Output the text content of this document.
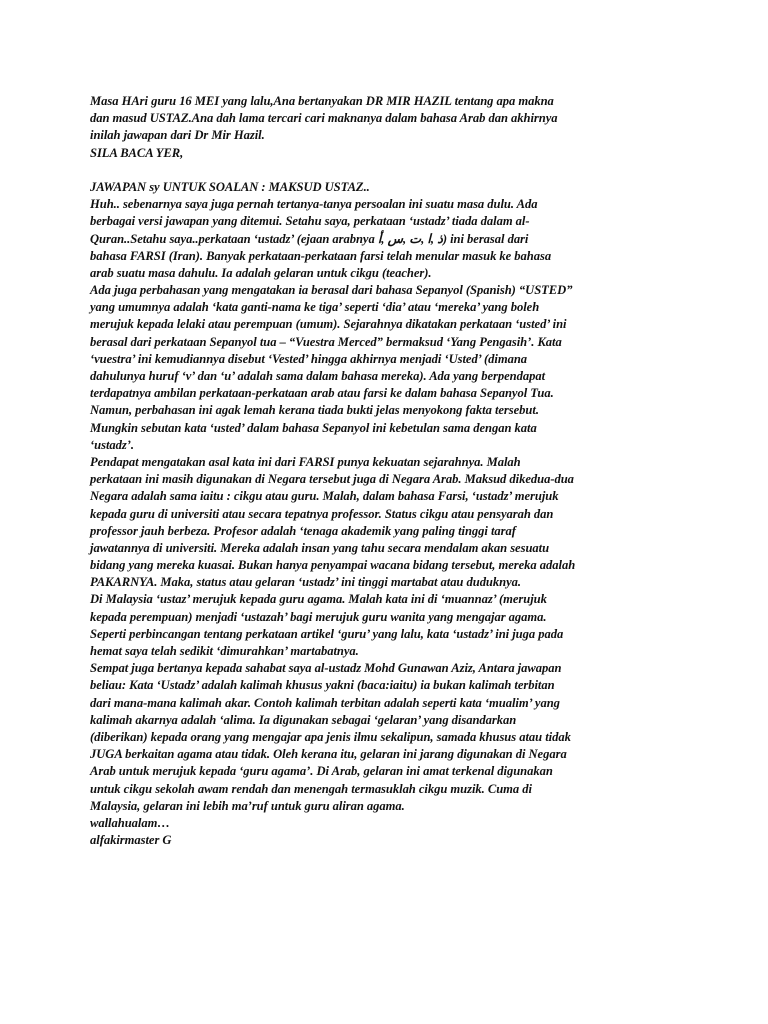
Masa HAri guru 16 MEI yang lalu,Ana bertanyakan DR MIR HAZIL tentang apa makna
dan masud USTAZ.Ana dah lama tercari cari maknanya dalam bahasa Arab dan akhirnya
inilah jawapan dari Dr Mir Hazil.
SILA BACA YER,
JAWAPAN sy UNTUK SOALAN : MAKSUD USTAZ..
Huh.. sebenarnya saya juga pernah tertanya-tanya persoalan ini suatu masa dulu. Ada
berbagai versi jawapan yang ditemui. Setahu saya, perkataan ‘ustadz’ tiada dalam al-
Quran..Setahu saya..perkataan ‘ustadz’ (ejaan arabnya ذ ,ا ,ت ,س ,أ) ini berasal dari
bahasa FARSI (Iran). Banyak perkataan-perkataan farsi telah menular masuk ke bahasa
arab suatu masa dahulu. Ia adalah gelaran untuk cikgu (teacher).
Ada juga perbahasan yang mengatakan ia berasal dari bahasa Sepanyol (Spanish) “USTED”
yang umumnya adalah ‘kata ganti-nama ke tiga’ seperti ‘dia’ atau ‘mereka’ yang boleh
merujuk kepada lelaki atau perempuan (umum). Sejarahnya dikatakan perkataan ‘usted’ ini
berasal dari perkataan Sepanyol tua – “Vuestra Merced” bermaksud ‘Yang Pengasih’. Kata
‘vuestra’ ini kemudiannya disebut ‘Vested’ hingga akhirnya menjadi ‘Usted’ (dimana
dahulunya huruf ‘v’ dan ‘u’ adalah sama dalam bahasa mereka). Ada yang berpendapat
terdapatnya ambilan perkataan-perkataan arab atau farsi ke dalam bahasa Sepanyol Tua.
Namun, perbahasan ini agak lemah kerana tiada bukti jelas menyokong fakta tersebut.
Mungkin sebutan kata ‘usted’ dalam bahasa Sepanyol ini kebetulan sama dengan kata
‘ustadz’.
Pendapat mengatakan asal kata ini dari FARSI punya kekuatan sejarahnya. Malah
perkataan ini masih digunakan di Negara tersebut juga di Negara Arab. Maksud dikedua-dua
Negara adalah sama iaitu : cikgu atau guru. Malah, dalam bahasa Farsi, ‘ustadz’ merujuk
kepada guru di universiti atau secara tepatnya professor. Status cikgu atau pensyarah dan
professor jauh berbeza. Profesor adalah ‘tenaga akademik yang paling tinggi taraf
jawatannya di universiti. Mereka adalah insan yang tahu secara mendalam akan sesuatu
bidang yang mereka kuasai. Bukan hanya penyampai wacana bidang tersebut, mereka adalah
PAKARNYA. Maka, status atau gelaran ‘ustadz’ ini tinggi martabat atau duduknya.
Di Malaysia ‘ustaz’ merujuk kepada guru agama. Malah kata ini di ‘muannaz’ (merujuk
kepada perempuan) menjadi ‘ustazah’ bagi merujuk guru wanita yang mengajar agama.
Seperti perbincangan tentang perkataan artikel ‘guru’ yang lalu, kata ‘ustadz’ ini juga pada
hemat saya telah sedikit ‘dimurahkan’ martabatnya.
Sempat juga bertanya kepada sahabat saya al-ustadz Mohd Gunawan Aziz, Antara jawapan
beliau: Kata ‘Ustadz’ adalah kalimah khusus yakni (baca:iaitu) ia bukan kalimah terbitan
dari mana-mana kalimah akar. Contoh kalimah terbitan adalah seperti kata ‘mualim’ yang
kalimah akarnya adalah ‘alima. Ia digunakan sebagai ‘gelaran’ yang disandarkan
(diberikan) kepada orang yang mengajar apa jenis ilmu sekalipun, samada khusus atau tidak
JUGA berkaitan agama atau tidak. Oleh kerana itu, gelaran ini jarang digunakan di Negara
Arab untuk merujuk kepada ‘guru agama’. Di Arab, gelaran ini amat terkenal digunakan
untuk cikgu sekolah awam rendah dan menengah termasuklah cikgu muzik. Cuma di
Malaysia, gelaran ini lebih ma’ruf untuk guru aliran agama.
wallahualam…
alfakirmaster G
